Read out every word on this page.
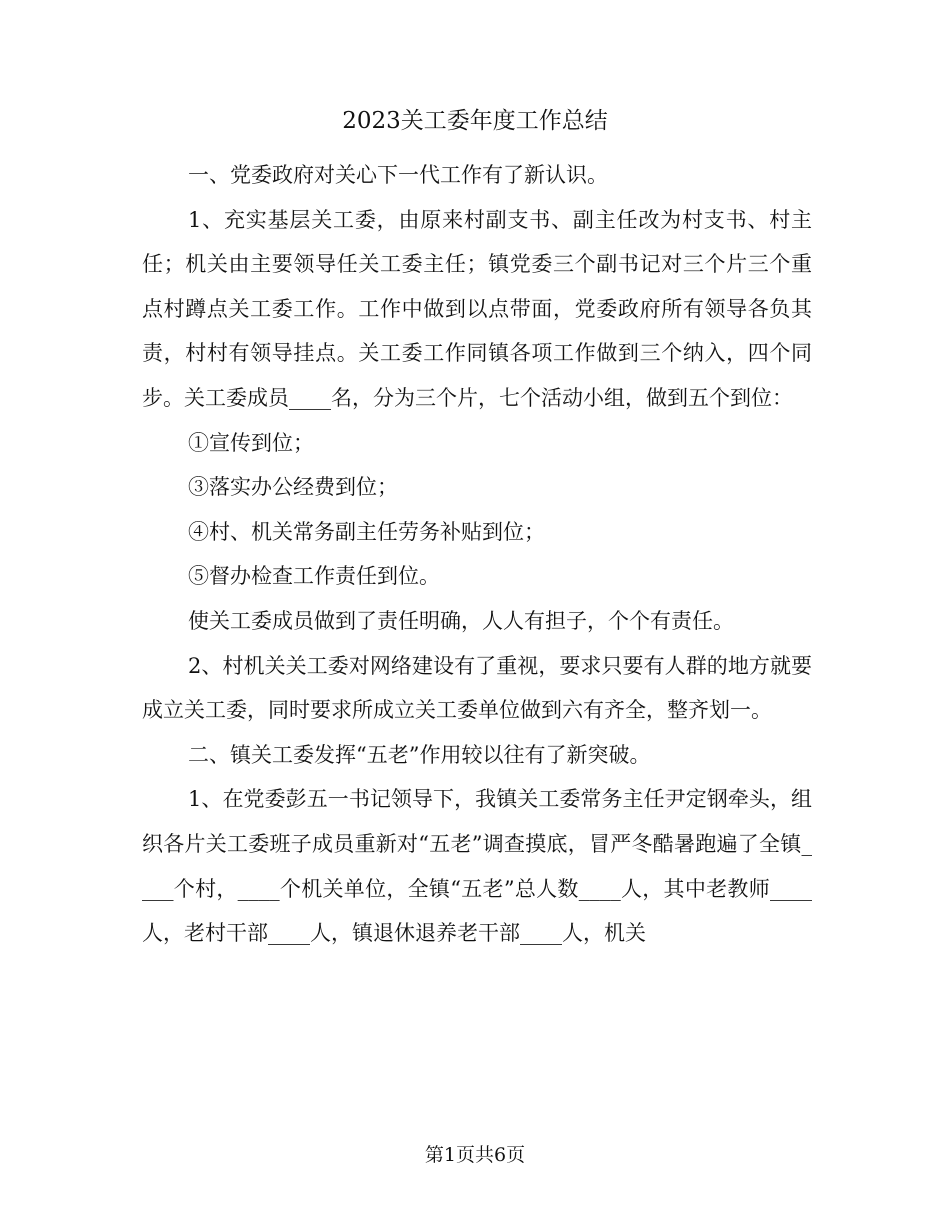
2023关工委年度工作总结

一、党委政府对关心下一代工作有了新认识。

1、充实基层关工委，由原来村副支书、副主任改为村支书、村主任；机关由主要领导任关工委主任；镇党委三个副书记对三个片三个重点村蹲点关工委工作。工作中做到以点带面，党委政府所有领导各负其责，村村有领导挂点。关工委工作同镇各项工作做到三个纳入，四个同步。关工委成员____名，分为三个片，七个活动小组，做到五个到位：

①宣传到位；

③落实办公经费到位；

④村、机关常务副主任劳务补贴到位；

⑤督办检查工作责任到位。

使关工委成员做到了责任明确，人人有担子，个个有责任。

2、村机关关工委对网络建设有了重视，要求只要有人群的地方就要成立关工委，同时要求所成立关工委单位做到六有齐全，整齐划一。

二、镇关工委发挥“五老”作用较以往有了新突破。

1、在党委彭五一书记领导下，我镇关工委常务主任尹定钢牵头，组织各片关工委班子成员重新对“五老”调查摸底，冒严冬酷暑跑遍了全镇____个村，____个机关单位，全镇“五老”总人数____人，其中老教师____人，老村干部____人，镇退休退养老干部____人，机关

第1页共6页
